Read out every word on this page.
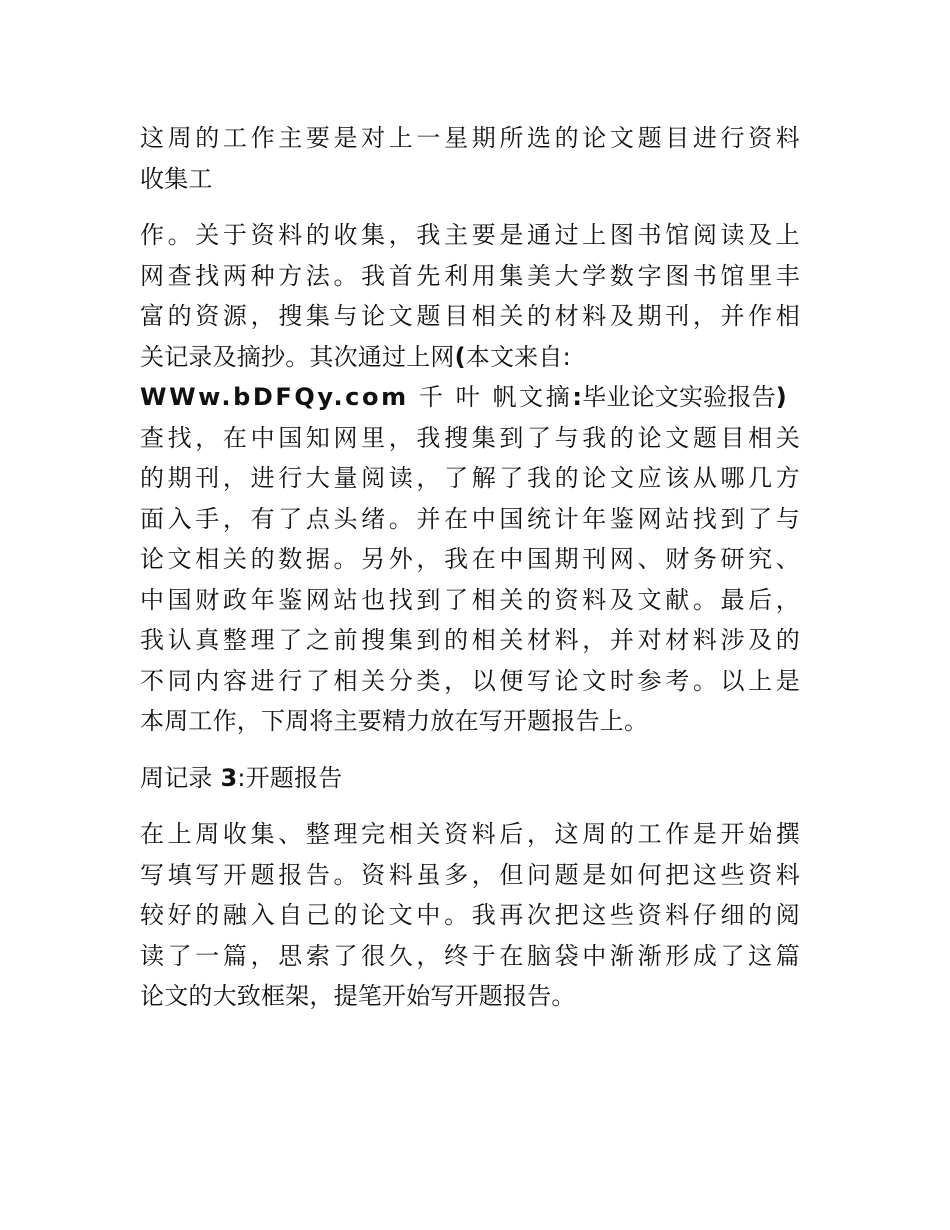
这周的工作主要是对上一星期所选的论文题目进行资料
收集工

作。关于资料的收集，我主要是通过上图书馆阅读及上
网查找两种方法。我首先利用集美大学数字图书馆里丰
富的资源，搜集与论文题目相关的材料及期刊，并作相
关记录及摘抄。其次通过上网(本文来自:
WWw.bDFQy.com 千 叶 帆文摘:毕业论文实验报告)
查找，在中国知网里，我搜集到了与我的论文题目相关
的期刊，进行大量阅读，了解了我的论文应该从哪几方
面入手，有了点头绪。并在中国统计年鉴网站找到了与
论文相关的数据。另外，我在中国期刊网、财务研究、
中国财政年鉴网站也找到了相关的资料及文献。最后，
我认真整理了之前搜集到的相关材料，并对材料涉及的
不同内容进行了相关分类，以便写论文时参考。以上是
本周工作，下周将主要精力放在写开题报告上。

周记录 3:开题报告

在上周收集、整理完相关资料后，这周的工作是开始撰
写填写开题报告。资料虽多，但问题是如何把这些资料
较好的融入自己的论文中。我再次把这些资料仔细的阅
读了一篇，思索了很久，终于在脑袋中渐渐形成了这篇
论文的大致框架，提笔开始写开题报告。
